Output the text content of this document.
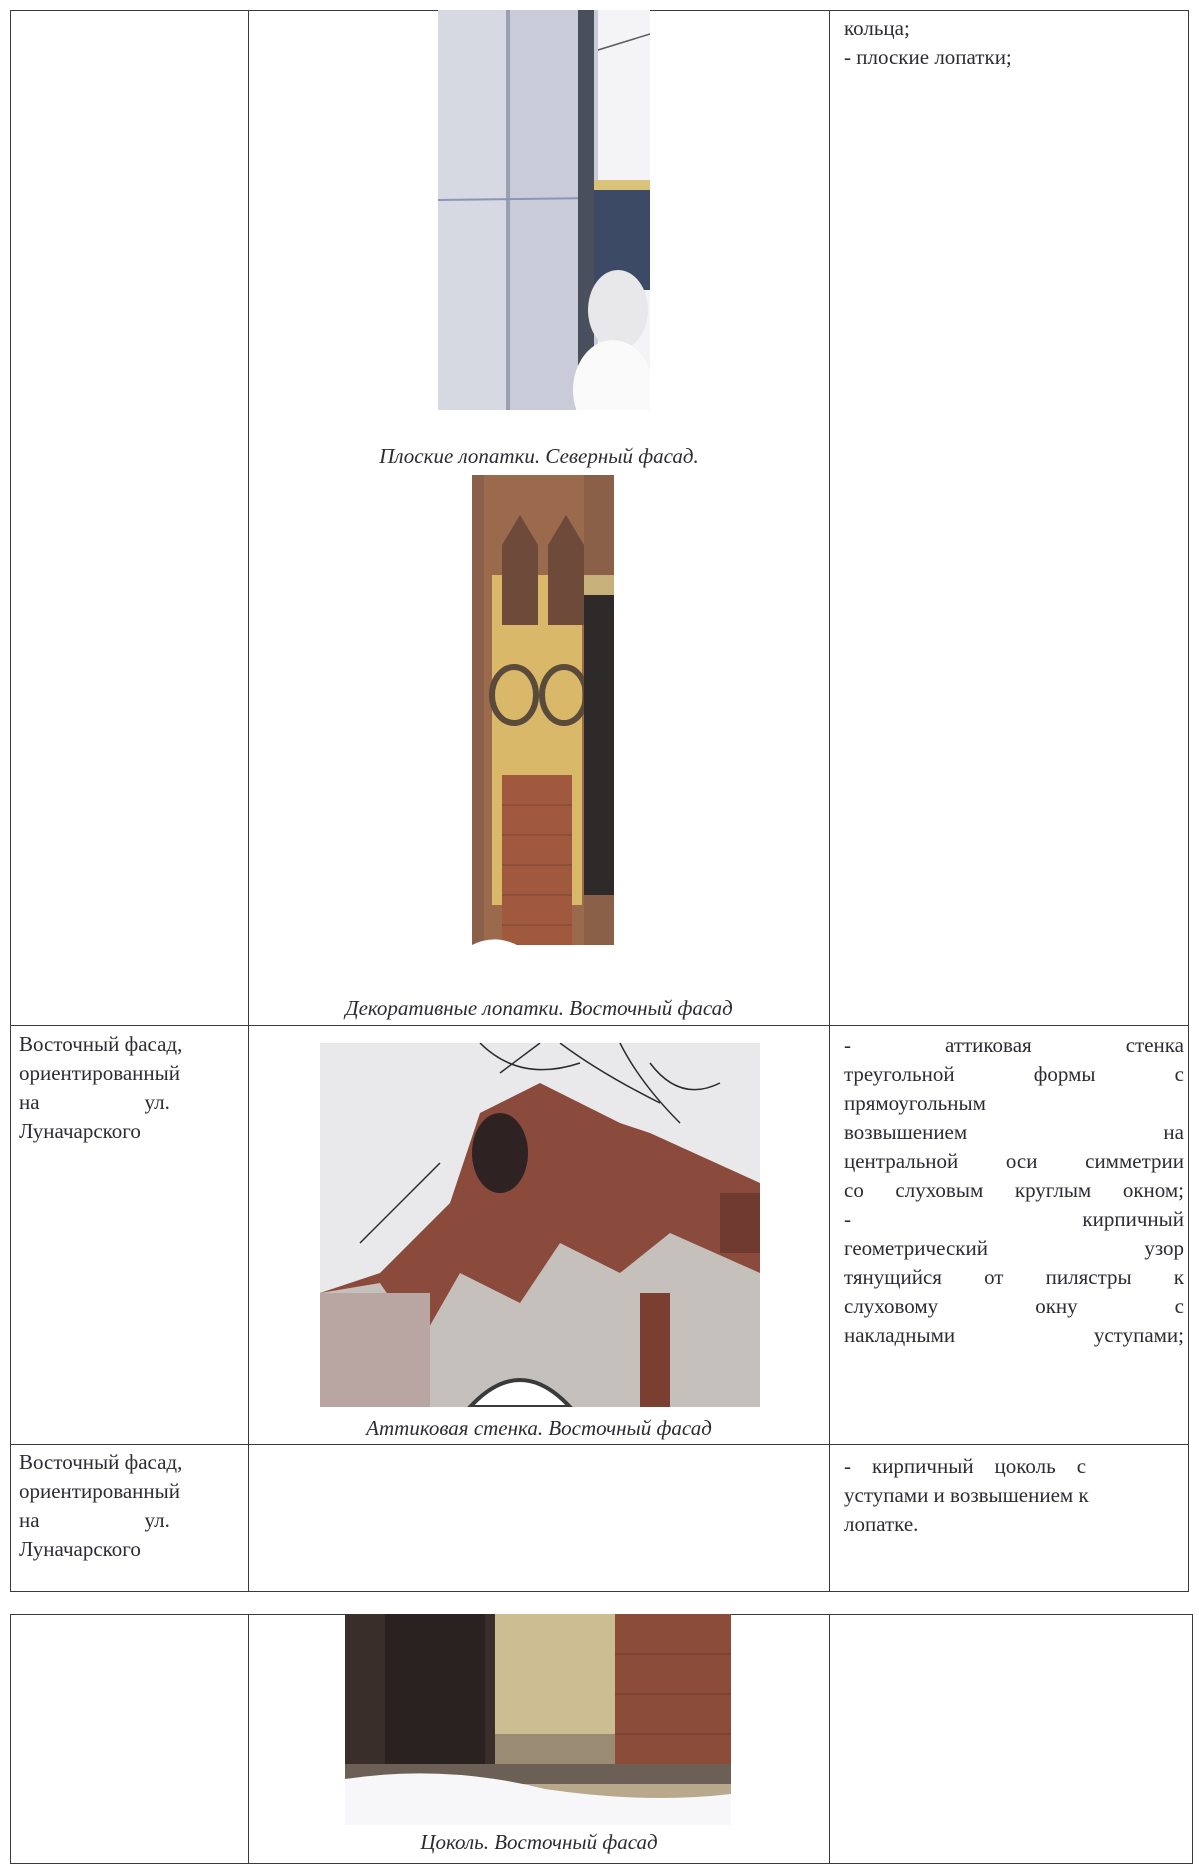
кольца;
- плоские лопатки;
Плоские лопатки. Северный фасад.
Декоративные лопатки. Восточный фасад
Восточный фасад,
ориентированный
на                    ул.
Луначарского
Аттиковая стенка. Восточный фасад
-        аттиковая        стенка
треугольной      формы      с
прямоугольным
возвышением                    на
центральной оси симметрии
со слуховым круглым окном;
-                              кирпичный
геометрический            узор
тянущийся  от  пилястры  к
слуховому          окну          с
накладными уступами;
Восточный фасад,
ориентированный
на                    ул.
Луначарского
-    кирпичный    цоколь    с
уступами и возвышением к
лопатке.
Цоколь. Восточный фасад
